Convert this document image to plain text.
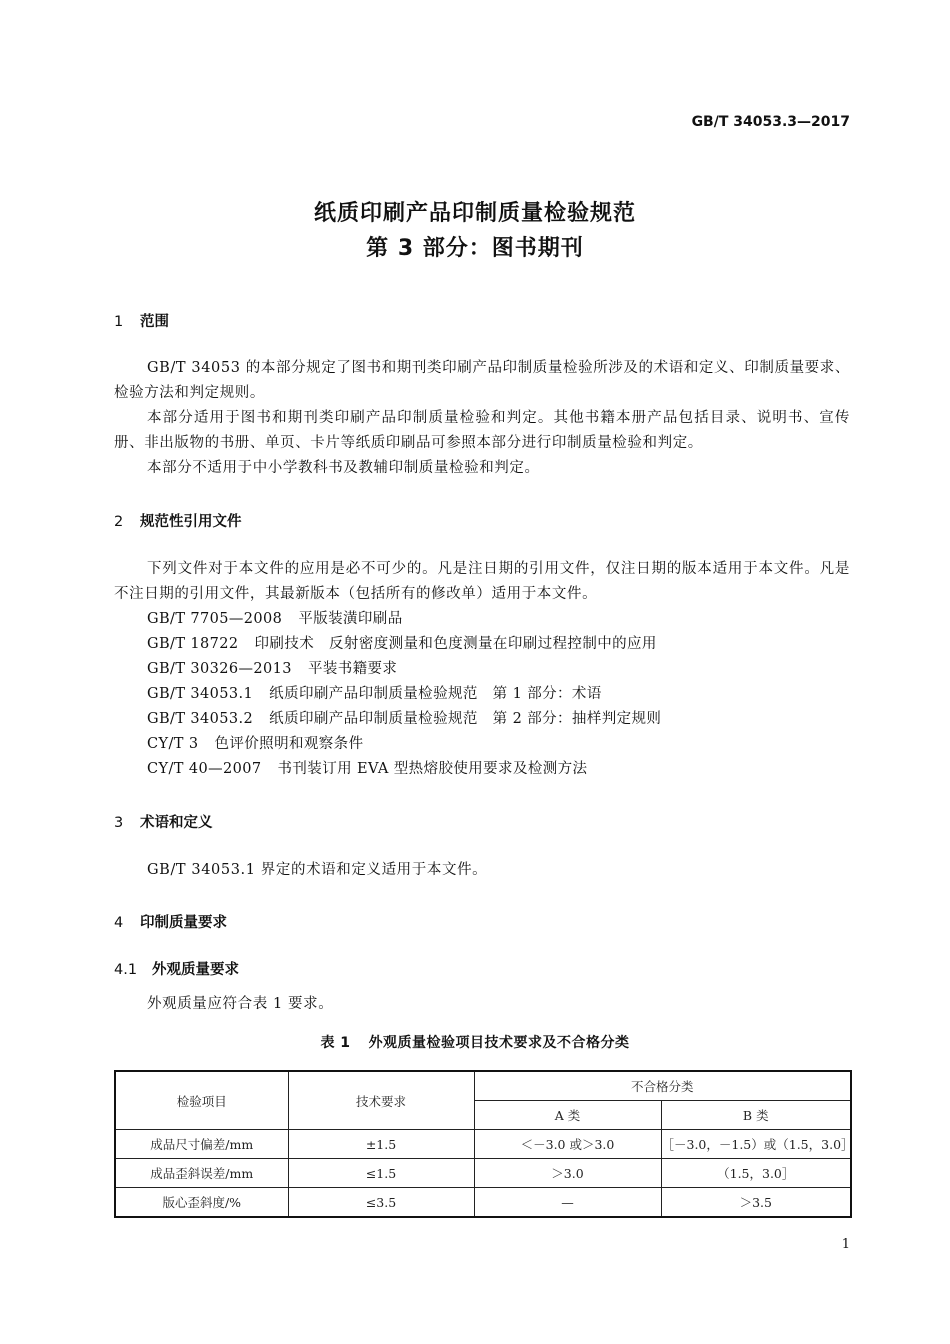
GB/T 34053.3—2017
纸质印刷产品印制质量检验规范
第 3 部分：图书期刊
1 范围
GB/T 34053 的本部分规定了图书和期刊类印刷产品印制质量检验所涉及的术语和定义、印制质量要求、检验方法和判定规则。
本部分适用于图书和期刊类印刷产品印制质量检验和判定。其他书籍本册产品包括目录、说明书、宣传册、非出版物的书册、单页、卡片等纸质印刷品可参照本部分进行印制质量检验和判定。
本部分不适用于中小学教科书及教辅印制质量检验和判定。
2 规范性引用文件
下列文件对于本文件的应用是必不可少的。凡是注日期的引用文件，仅注日期的版本适用于本文件。凡是不注日期的引用文件，其最新版本（包括所有的修改单）适用于本文件。
GB/T 7705—2008 平版装潢印刷品
GB/T 18722 印刷技术　反射密度测量和色度测量在印刷过程控制中的应用
GB/T 30326—2013 平装书籍要求
GB/T 34053.1 纸质印刷产品印制质量检验规范　第 1 部分：术语
GB/T 34053.2 纸质印刷产品印制质量检验规范　第 2 部分：抽样判定规则
CY/T 3 色评价照明和观察条件
CY/T 40—2007 书刊装订用 EVA 型热熔胶使用要求及检测方法
3 术语和定义
GB/T 34053.1 界定的术语和定义适用于本文件。
4 印制质量要求
4.1 外观质量要求
外观质量应符合表 1 要求。
表 1 外观质量检验项目技术要求及不合格分类
检验项目	技术要求	不合格分类	
		A 类	B 类
成品尺寸偏差/mm	±1.5	＜－3.0 或＞3.0	［－3.0，－1.5）或（1.5，3.0］
成品歪斜误差/mm	≤1.5	＞3.0	（1.5，3.0］
版心歪斜度/%	≤3.5	—	＞3.5
1
